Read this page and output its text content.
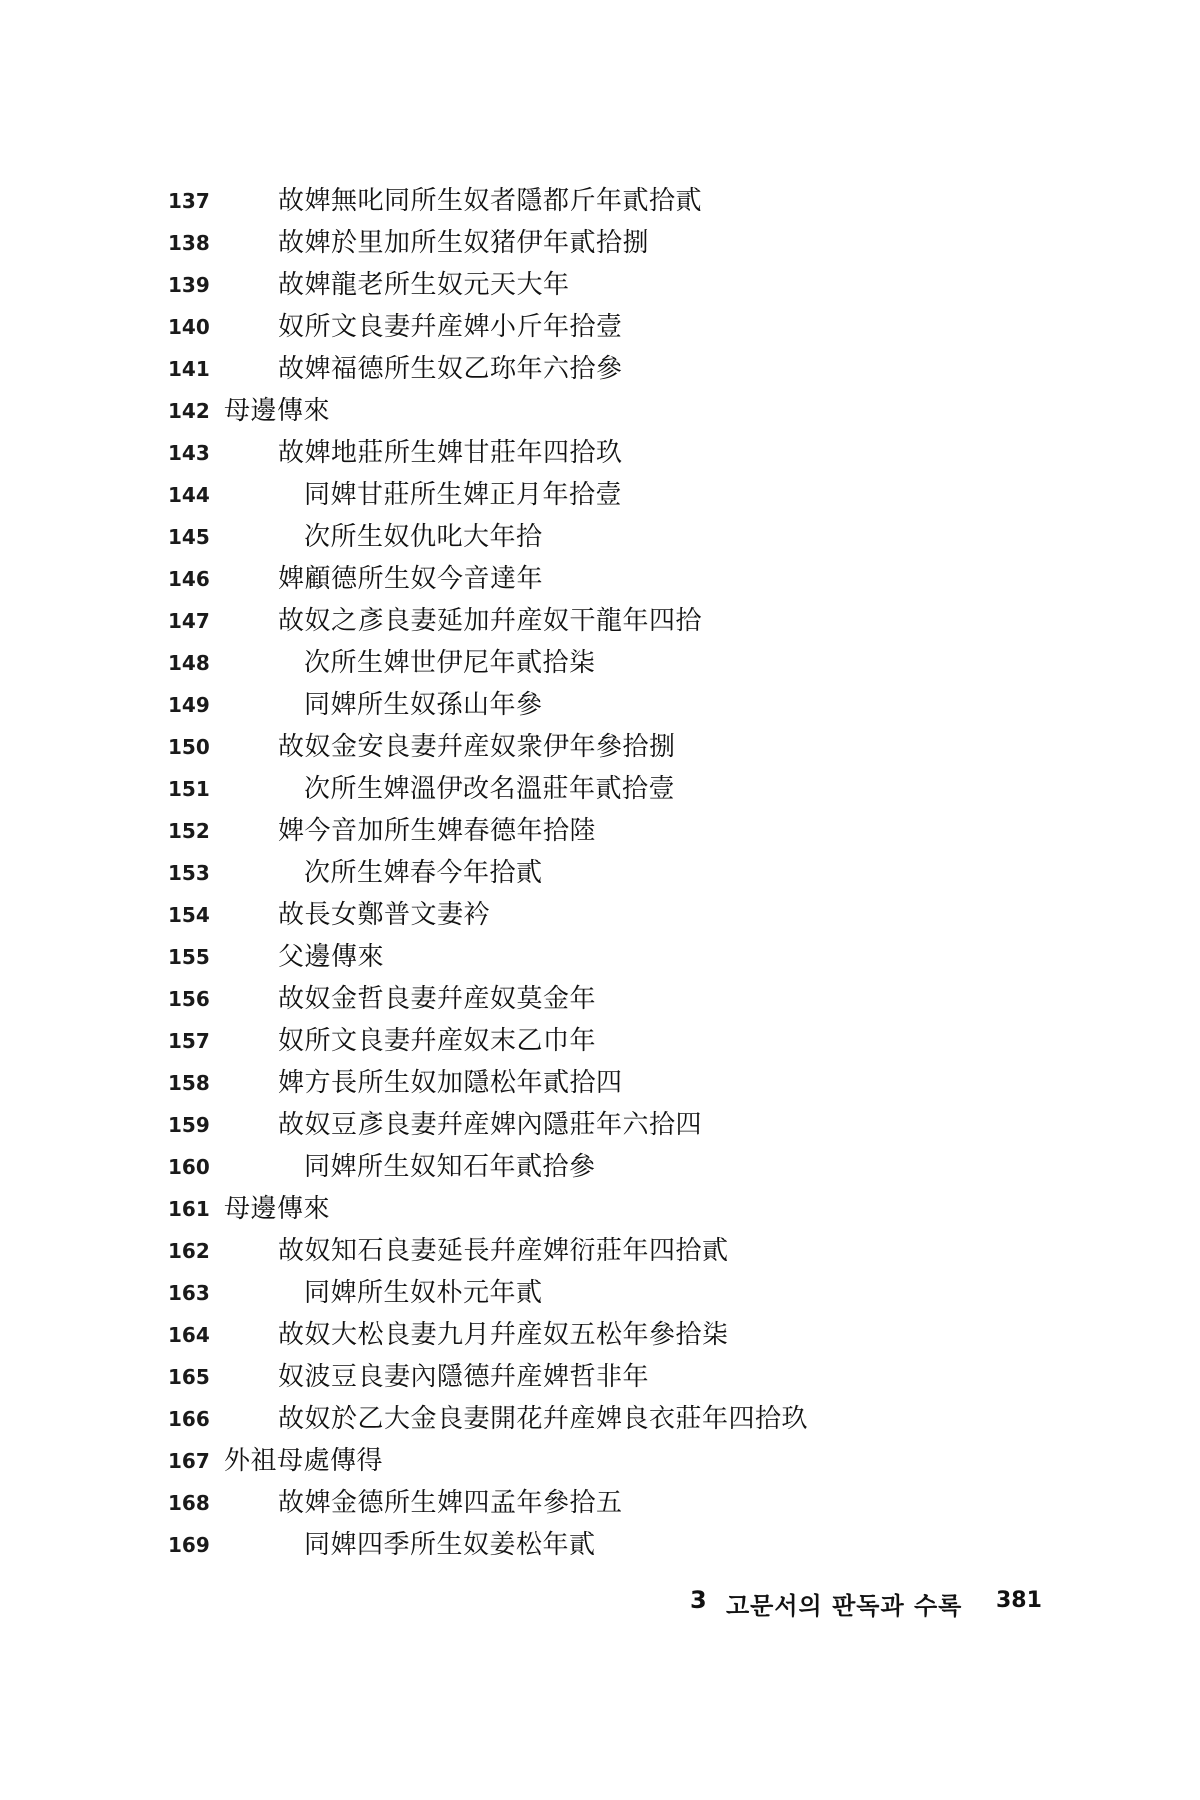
137	故婢無叱同所生奴者隱都斤年貳拾貳
138	故婢於里加所生奴猪伊年貳拾捌
139	故婢龍老所生奴元天大年
140	奴所文良妻幷産婢小斤年拾壹
141	故婢福德所生奴乙珎年六拾參
142 母邊傳來
143	故婢地莊所生婢甘莊年四拾玖
144	同婢甘莊所生婢正月年拾壹
145	次所生奴仇叱大年拾
146	婢顧德所生奴今音達年
147	故奴之彥良妻延加幷産奴干龍年四拾
148	次所生婢世伊尼年貳拾柒
149	同婢所生奴孫山年參
150	故奴金安良妻幷産奴衆伊年參拾捌
151	次所生婢溫伊改名溫莊年貳拾壹
152	婢今音加所生婢春德年拾陸
153	次所生婢春今年拾貳
154	故長女鄭普文妻衿
155	父邊傳來
156	故奴金哲良妻幷産奴莫金年
157	奴所文良妻幷産奴末乙巾年
158	婢方長所生奴加隱松年貳拾四
159	故奴豆彥良妻幷産婢內隱莊年六拾四
160	同婢所生奴知石年貳拾參
161 母邊傳來
162	故奴知石良妻延長幷産婢衍莊年四拾貳
163	同婢所生奴朴元年貳
164	故奴大松良妻九月幷産奴五松年參拾柒
165	奴波豆良妻內隱德幷産婢哲非年
166	故奴於乙大金良妻開花幷産婢良衣莊年四拾玖
167 外祖母處傳得
168	故婢金德所生婢四孟年參拾五
169	同婢四季所生奴姜松年貳
3 고문서의 판독과 수록 381
